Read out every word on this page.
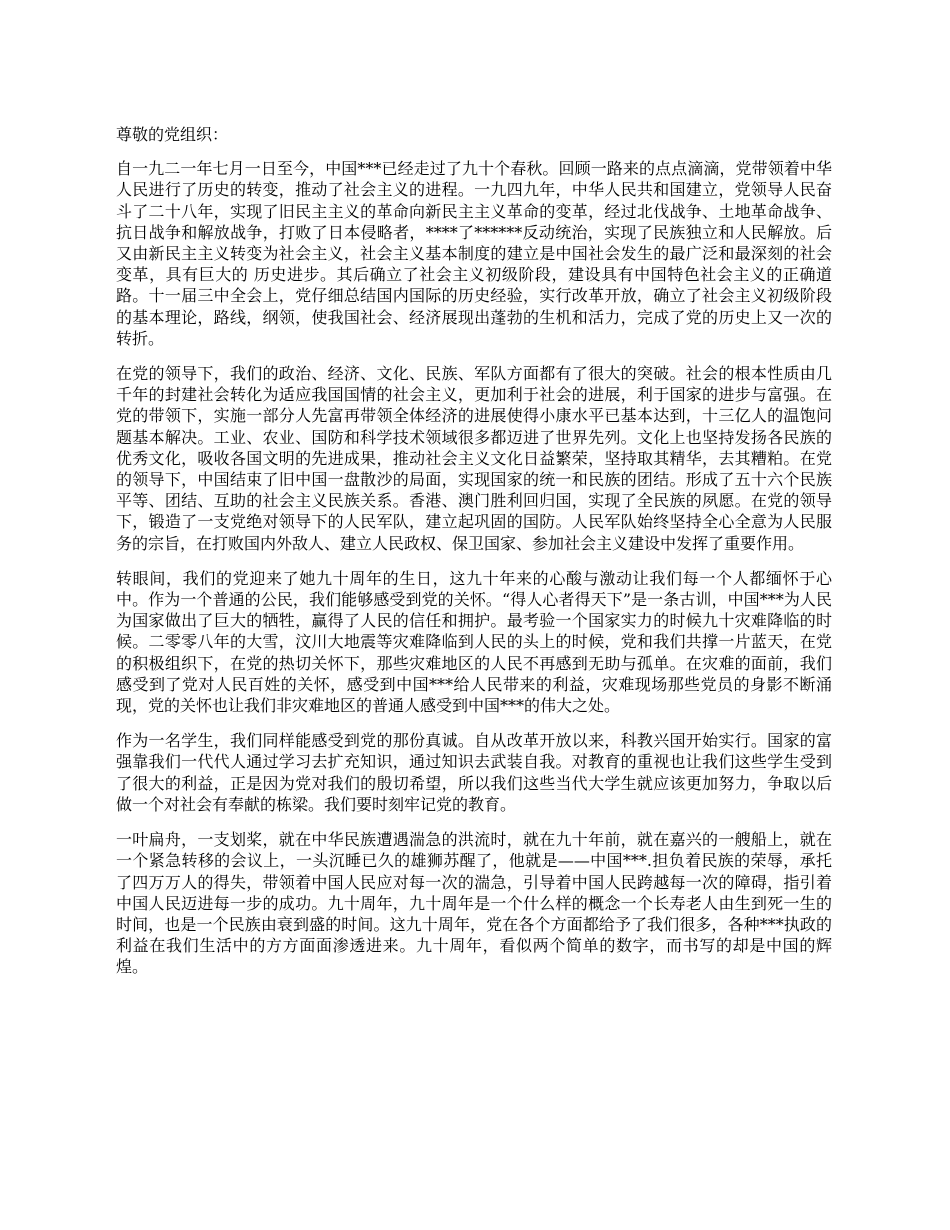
尊敬的党组织：

自一九二一年七月一日至今，中国***已经走过了九十个春秋。回顾一路来的点点滴滴，党带领着中华人民进行了历史的转变，推动了社会主义的进程。一九四九年，中华人民共和国建立，党领导人民奋斗了二十八年，实现了旧民主主义的革命向新民主主义革命的变革，经过北伐战争、土地革命战争、抗日战争和解放战争，打败了日本侵略者，****了******反动统治，实现了民族独立和人民解放。后又由新民主主义转变为社会主义，社会主义基本制度的建立是中国社会发生的最广泛和最深刻的社会变革，具有巨大的 历史进步。其后确立了社会主义初级阶段，建设具有中国特色社会主义的正确道路。十一届三中全会上，党仔细总结国内国际的历史经验，实行改革开放，确立了社会主义初级阶段的基本理论，路线，纲领，使我国社会、经济展现出蓬勃的生机和活力，完成了党的历史上又一次的转折。

在党的领导下，我们的政治、经济、文化、民族、军队方面都有了很大的突破。社会的根本性质由几千年的封建社会转化为适应我国国情的社会主义，更加利于社会的进展，利于国家的进步与富强。在党的带领下，实施一部分人先富再带领全体经济的进展使得小康水平已基本达到，十三亿人的温饱问题基本解决。工业、农业、国防和科学技术领域很多都迈进了世界先列。文化上也坚持发扬各民族的优秀文化，吸收各国文明的先进成果，推动社会主义文化日益繁荣，坚持取其精华，去其糟粕。在党的领导下，中国结束了旧中国一盘散沙的局面，实现国家的统一和民族的团结。形成了五十六个民族平等、团结、互助的社会主义民族关系。香港、澳门胜利回归国，实现了全民族的夙愿。在党的领导下，锻造了一支党绝对领导下的人民军队，建立起巩固的国防。人民军队始终坚持全心全意为人民服务的宗旨，在打败国内外敌人、建立人民政权、保卫国家、参加社会主义建设中发挥了重要作用。

转眼间，我们的党迎来了她九十周年的生日，这九十年来的心酸与激动让我们每一个人都缅怀于心中。作为一个普通的公民，我们能够感受到党的关怀。“得人心者得天下”是一条古训，中国***为人民为国家做出了巨大的牺牲，赢得了人民的信任和拥护。最考验一个国家实力的时候九十灾难降临的时候。二零零八年的大雪，汶川大地震等灾难降临到人民的头上的时候，党和我们共撑一片蓝天，在党的积极组织下，在党的热切关怀下，那些灾难地区的人民不再感到无助与孤单。在灾难的面前，我们感受到了党对人民百姓的关怀，感受到中国***给人民带来的利益，灾难现场那些党员的身影不断涌现，党的关怀也让我们非灾难地区的普通人感受到中国***的伟大之处。

作为一名学生，我们同样能感受到党的那份真诚。自从改革开放以来，科教兴国开始实行。国家的富强靠我们一代代人通过学习去扩充知识，通过知识去武装自我。对教育的重视也让我们这些学生受到了很大的利益，正是因为党对我们的殷切希望，所以我们这些当代大学生就应该更加努力，争取以后做一个对社会有奉献的栋梁。我们要时刻牢记党的教育。

一叶扁舟，一支划桨，就在中华民族遭遇湍急的洪流时，就在九十年前，就在嘉兴的一艘船上，就在一个紧急转移的会议上，一头沉睡已久的雄狮苏醒了，他就是——中国***.担负着民族的荣辱，承托了四万万人的得失，带领着中国人民应对每一次的湍急，引导着中国人民跨越每一次的障碍，指引着中国人民迈进每一步的成功。九十周年，九十周年是一个什么样的概念一个长寿老人由生到死一生的时间，也是一个民族由衰到盛的时间。这九十周年，党在各个方面都给予了我们很多，各种***执政的利益在我们生活中的方方面面渗透进来。九十周年，看似两个简单的数字，而书写的却是中国的辉煌。
